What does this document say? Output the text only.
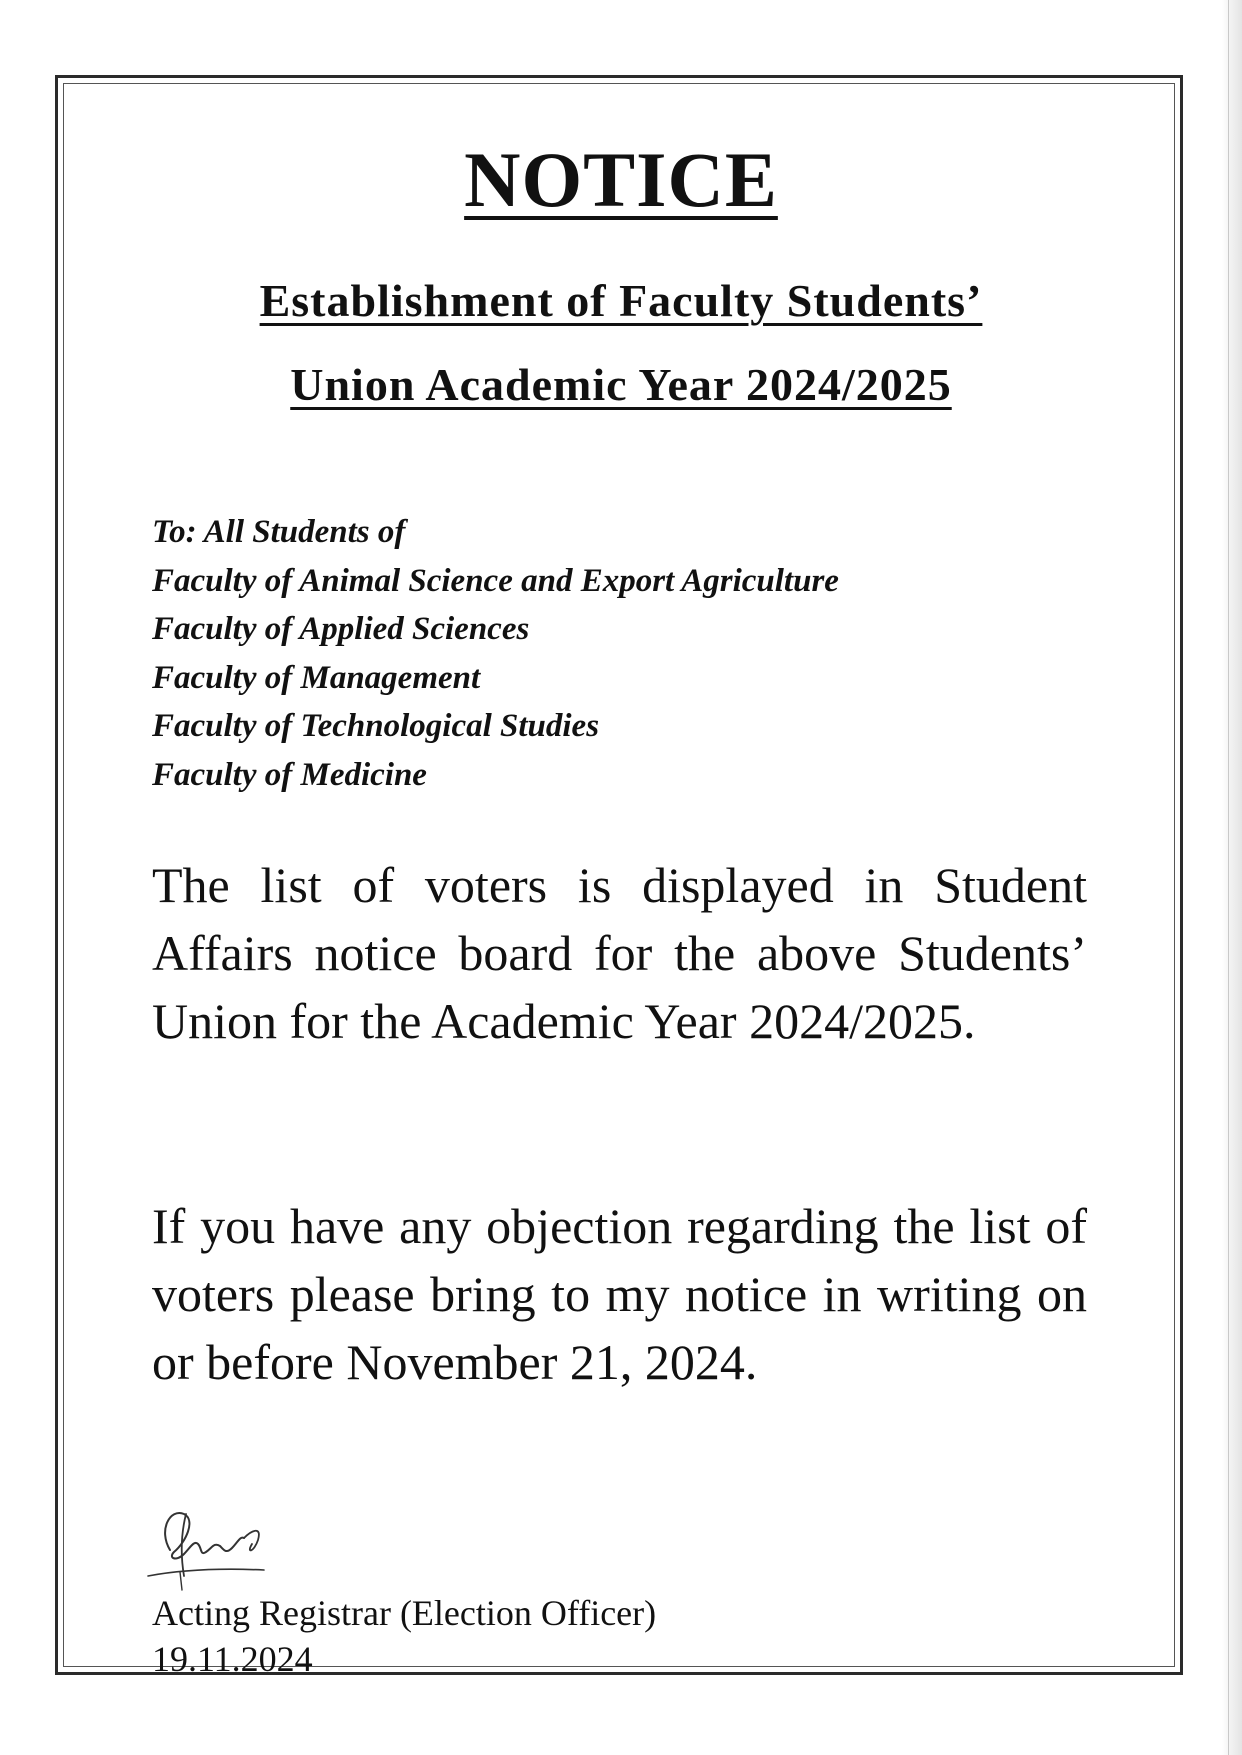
NOTICE
Establishment of Faculty Students’
Union Academic Year 2024/2025
To: All Students of
Faculty of Animal Science and Export Agriculture
Faculty of Applied Sciences
Faculty of Management
Faculty of Technological Studies
Faculty of Medicine
The list of voters is displayed in Student Affairs notice board for the above Students’ Union for the Academic Year 2024/2025.
If you have any objection regarding the list of voters please bring to my notice in writing on or before November 21, 2024.
Acting Registrar (Election Officer)
19.11.2024
